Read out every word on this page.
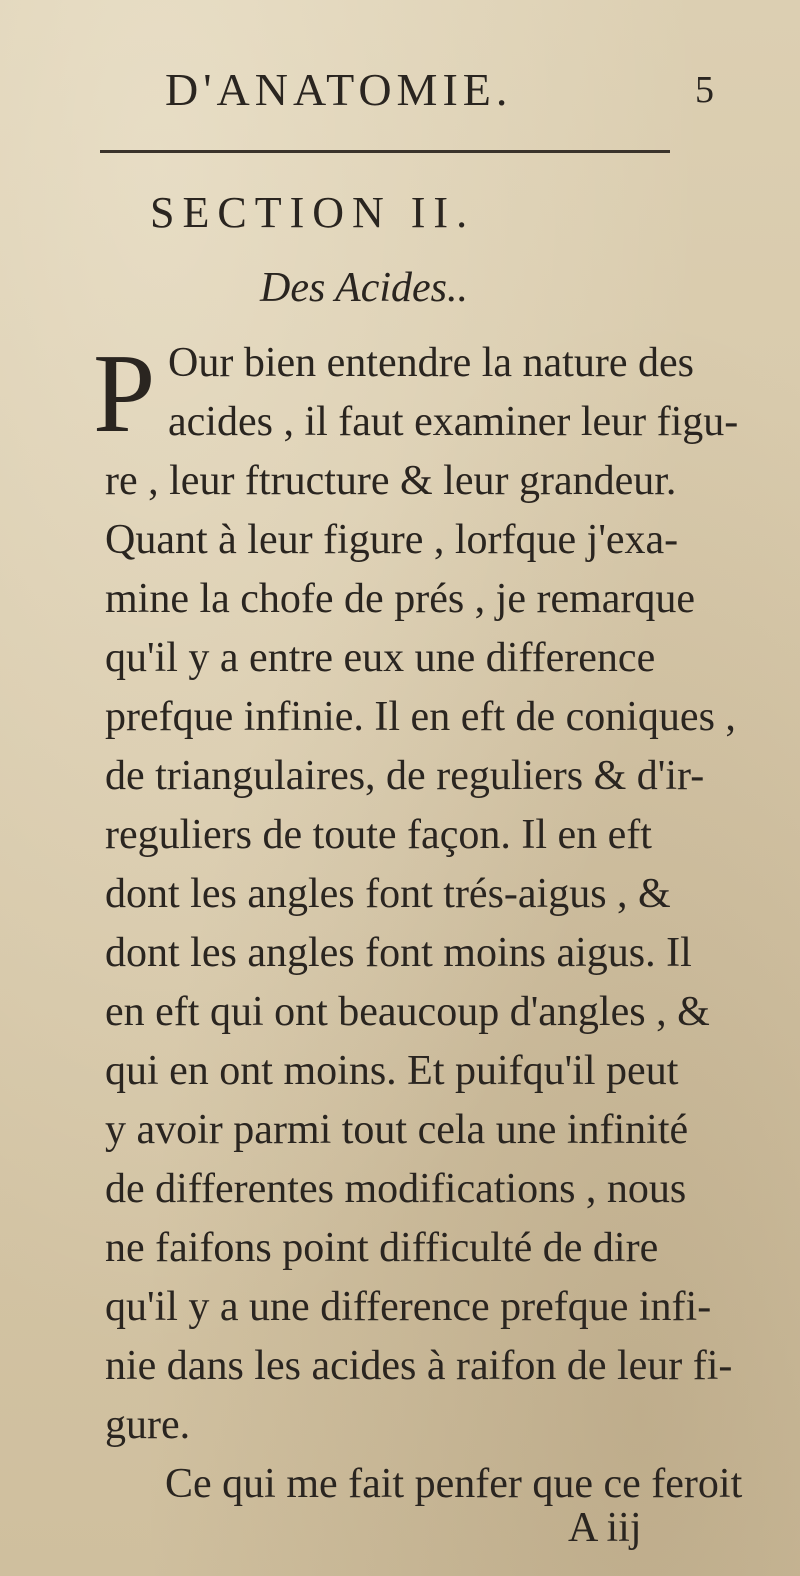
D'ANATOMIE.	5
SECTION II.
Des Acides..
P Our bien entendre la nature des
acides , il faut examiner leur figu-
re , leur ftructure & leur grandeur.
Quant à leur figure , lorfque j'exa-
mine la chofe de prés , je remarque
qu'il y a entre eux une difference
prefque infinie. Il en eft de coniques ,
de triangulaires, de reguliers & d'ir-
reguliers de toute façon. Il en eft
dont les angles font trés-aigus , &
dont les angles font moins aigus. Il
en eft qui ont beaucoup d'angles , &
qui en ont moins. Et puifqu'il peut
y avoir parmi tout cela une infinité
de differentes modifications , nous
ne faifons point difficulté de dire
qu'il y a une difference prefque infi-
nie dans les acides à raifon de leur fi-
gure.
Ce qui me fait penfer que ce feroit
A iij
